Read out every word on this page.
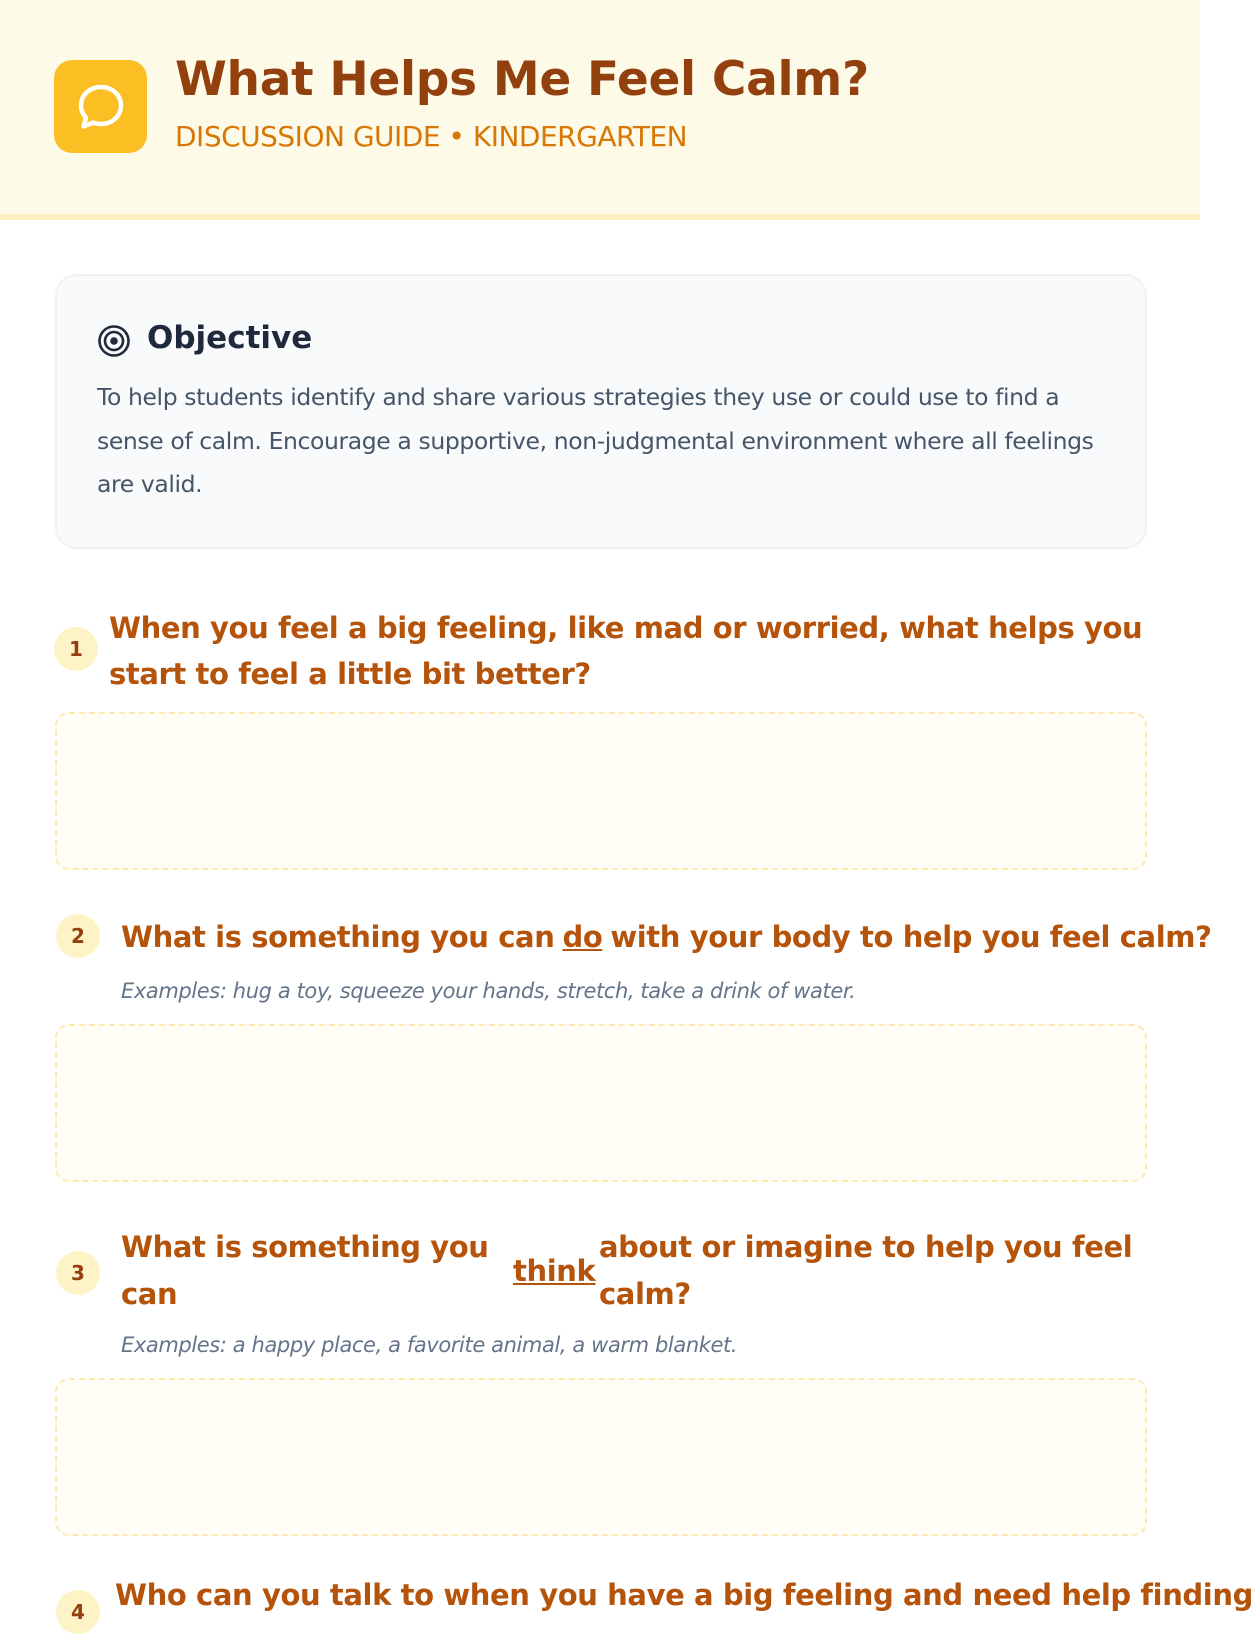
What Helps Me Feel Calm?
DISCUSSION GUIDE • KINDERGARTEN
Objective
To help students identify and share various strategies they use or could use to find a sense of calm. Encourage a supportive, non-judgmental environment where all feelings are valid.
1
When you feel a big feeling, like mad or worried, what helps you start to feel a little bit better?
2	What is something you can do with your body to help you feel calm?
Examples: hug a toy, squeeze your hands, stretch, take a drink of water.
3
What is something you
can
think
about or imagine to help you feel
calm?
Examples: a happy place, a favorite animal, a warm blanket.
4	Who can you talk to when you have a big feeling and need help finding
